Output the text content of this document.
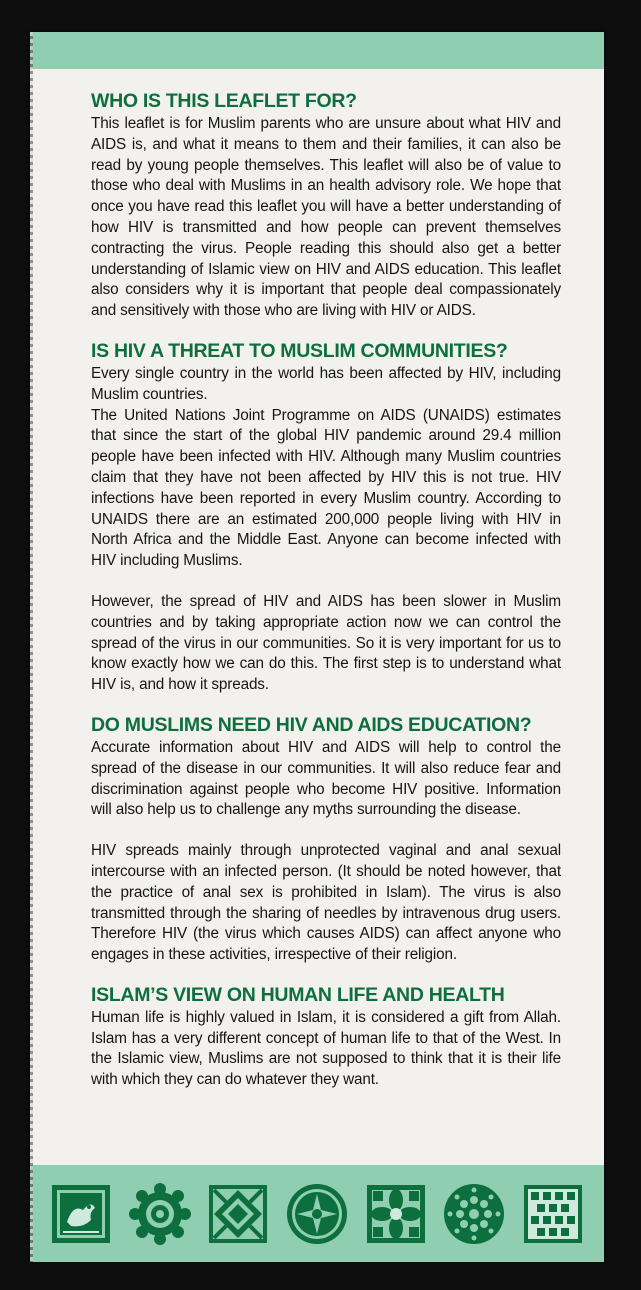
WHO IS THIS LEAFLET FOR?

This leaflet is for Muslim parents who are unsure about what HIV and AIDS is, and what it means to them and their families, it can also be read by young people themselves. This leaflet will also be of value to those who deal with Muslims in an health advisory role. We hope that once you have read this leaflet you will have a better understanding of how HIV is transmitted and how people can prevent themselves contracting the virus. People reading this should also get a better understanding of Islamic view on HIV and AIDS education. This leaflet also considers why it is important that people deal compassionately and sensitively with those who are living with HIV or AIDS.

IS HIV A THREAT TO MUSLIM COMMUNITIES?

Every single country in the world has been affected by HIV, including Muslim countries.

The United Nations Joint Programme on AIDS (UNAIDS) estimates that since the start of the global HIV pandemic around 29.4 million people have been infected with HIV. Although many Muslim countries claim that they have not been affected by HIV this is not true. HIV infections have been reported in every Muslim country. According to UNAIDS there are an estimated 200,000 people living with HIV in North Africa and the Middle East. Anyone can become infected with HIV including Muslims.

However, the spread of HIV and AIDS has been slower in Muslim countries and by taking appropriate action now we can control the spread of the virus in our communities. So it is very important for us to know exactly how we can do this. The first step is to understand what HIV is, and how it spreads.

DO MUSLIMS NEED HIV AND AIDS EDUCATION?

Accurate information about HIV and AIDS will help to control the spread of the disease in our communities. It will also reduce fear and discrimination against people who become HIV positive. Information will also help us to challenge any myths surrounding the disease.

HIV spreads mainly through unprotected vaginal and anal sexual intercourse with an infected person. (It should be noted however, that the practice of anal sex is prohibited in Islam). The virus is also transmitted through the sharing of needles by intravenous drug users. Therefore HIV (the virus which causes AIDS) can affect anyone who engages in these activities, irrespective of their religion.

ISLAM’S VIEW ON HUMAN LIFE AND HEALTH

Human life is highly valued in Islam, it is considered a gift from Allah. Islam has a very different concept of human life to that of the West. In the Islamic view, Muslims are not supposed to think that it is their life with which they can do whatever they want.
